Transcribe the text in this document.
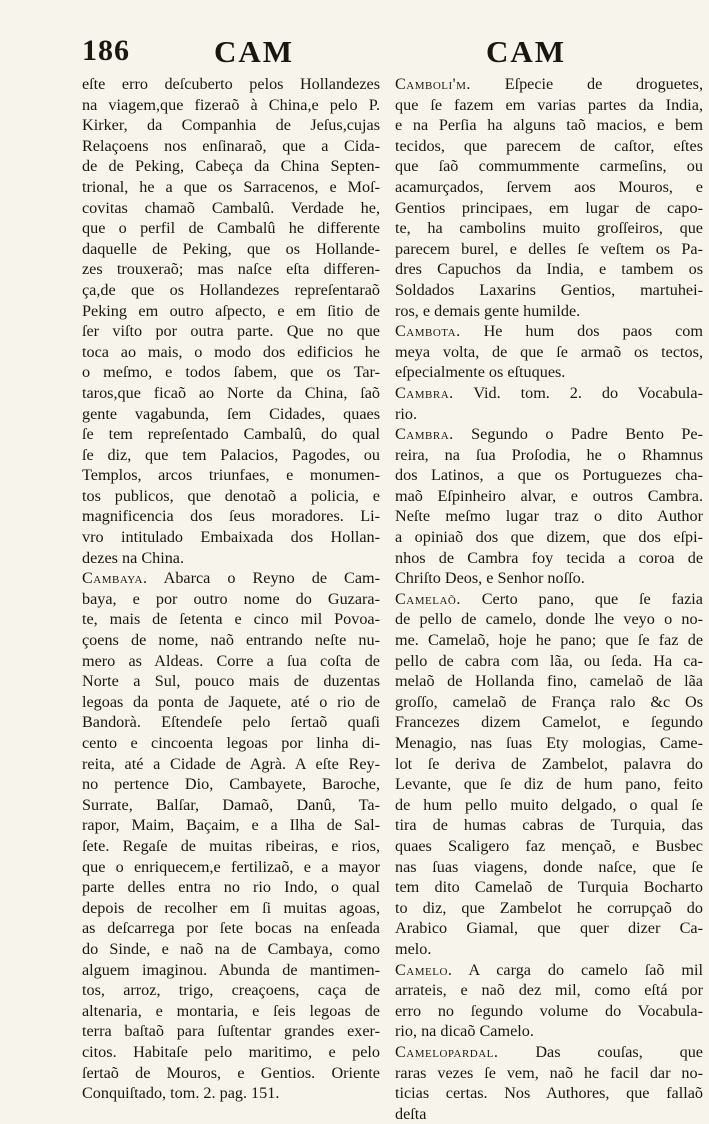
186	CAM	CAM
eſte erro deſcuberto pelos Hollandezes
na viagem,que fizeraõ à China,e pelo P.
Kirker, da Companhia de Jeſus,cujas
Relaçoens nos enſinaraõ, que a Cida-
de de Peking, Cabeça da China Septen-
trional, he a que os Sarracenos, e Moſ-
covitas chamaõ Cambalû. Verdade he,
que o perfil de Cambalû he differente
daquelle de Peking, que os Hollandе-
zes trouxeraõ; mas naſce eſta differen-
ça,de que os Hollandezes repreſentaraõ
Peking em outro aſpecto, e em ſitio de
ſer viſto por outra parte. Que no que
toca ao mais, o modo dos edificios he
o meſmo, e todos ſabem, que os Tar-
taros,que ficaõ ao Norte da China, ſaõ
gente vagabunda, ſem Cidades, quaes
ſe tem repreſentado Cambalû, do qual
ſe diz, que tem Palacios, Pagodes, ou
Templos, arcos triunfaes, e monumen-
tos publicos, que denotaõ a policia, e
magnificencia dos ſeus moradores. Li-
vro intitulado Embaixada dos Hollan-
dezes na China.
Cambaya. Abarca o Reyno de Cam-
baya, e por outro nome do Guzara-
te, mais de ſetenta e cinco mil Povoa-
çoens de nome, naõ entrando neſte nu-
mero as Aldeas. Corre a ſua coſta de
Norte a Sul, pouco mais de duzentas
legoas da ponta de Jaquete, até o rio de
Bandorà. Eſtendeſe pelo ſertaõ quaſi
cento e cincoenta legoas por linha di-
reita, até a Cidade de Agrà. A eſte Rey-
no pertence Dio, Cambayete, Baroche,
Surrate, Balſar, Damaõ, Danû, Ta-
rapor, Maim, Baçaim, e a Ilha de Sal-
ſete. Regaſe de muitas ribeiras, e rios,
que o enriquecem,e fertilizaõ, e a mayor
parte delles entra no rio Indo, o qual
depois de recolher em ſi muitas agoas,
as deſcarrega por ſete bocas na enſeada
do Sinde, e naõ na de Cambaya, como
alguem imaginou. Abunda de mantimen-
tos, arroz, trigo, creaçoens, caça de
altenaria, e montaria, e ſeis legoas de
terra baſtaõ para ſuſtentar grandes exer-
citos. Habitaſe pelo maritimo, e pelo
ſertaõ de Mouros, e Gentios. Oriente
Conquiſtado, tom. 2. pag. 151.
Camboli'm. Eſpecie de droguetes,
que ſe fazem em varias partes da India,
e na Perſia ha alguns taõ macios, e bem
tecidos, que parecem de caſtor, eſtes
que ſaõ commummente carmeſins, ou
acamurçados, ſervem aos Mouros, e
Gentios principaes, em lugar de capo-
te, ha cambolins muito groſſeiros, que
parecem burel, e delles ſe veſtem os Pa-
dres Capuchos da India, e tambem os
Soldados Laxarins Gentios, martuhei-
ros, e demais gente humilde.
Cambota. He hum dos paos com
meya volta, de que ſe armaõ os tectos,
eſpecialmente os eſtuques.
Cambra. Vid. tom. 2. do Vocabula-
rio.
Cambra. Segundo o Padre Bento Pe-
reira, na ſua Proſodia, he o Rhamnus
dos Latinos, a que os Portuguezes cha-
maõ Eſpinheiro alvar, e outros Cambra.
Neſte meſmo lugar traz o dito Author
a opiniaõ dos que dizem, que dos eſpi-
nhos de Cambra foy tecida a coroa de
Chriſto Deos, e Senhor noſſo.
Camelaõ. Certo pano, que ſe fazia
de pello de camelo, donde lhe veyo o no-
me. Camelaõ, hoje he pano; que ſe faz de
pello de cabra com lãa, ou ſeda. Ha ca-
melaõ de Hollanda fino, camelaõ de lãa
groſſo, camelaõ de França ralo &c Os
Francezes dizem Camelot, e ſegundo
Menagio, nas ſuas Ety mologias, Came-
lot ſe deriva de Zambelot, palavra do
Levante, que ſe diz de hum pano, feito
de hum pello muito delgado, o qual ſe
tira de humas cabras de Turquia, das
quaes Scaligero faz mençaõ, e Busbec
nas ſuas viagens, donde naſce, que ſe
tem dito Camelaõ de Turquia Bocharto
to diz, que Zambelot he corrupçaõ do
Arabico Giamal, que quer dizer Ca-
melo.
Camelo. A carga do camelo ſaõ mil
arrateis, e naõ dez mil, como eſtá por
erro no ſegundo volume do Vocabula-
rio, na dicaõ Camelo.
Camelopardal. Das couſas, que
raras vezes ſe vem, naõ he facil dar no-
ticias certas. Nos Authores, que fallaõ
deſta
